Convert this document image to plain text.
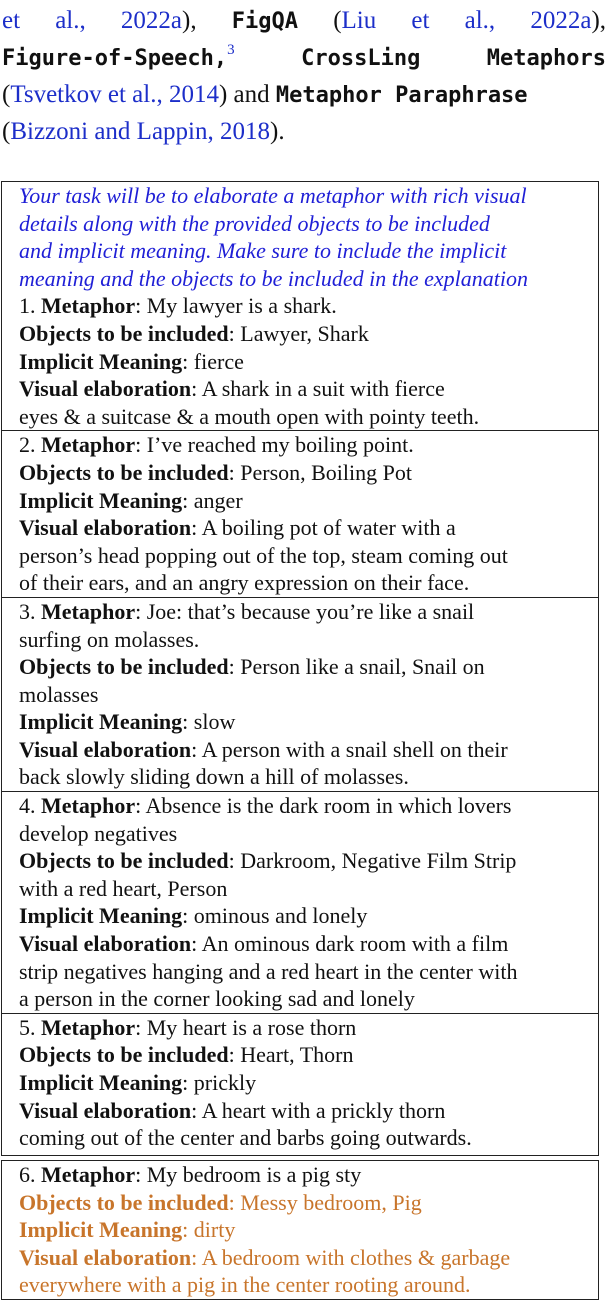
et al., 2022a), FigQA (Liu et al., 2022a),
Figure-of-Speech,$^3$	CrossLing	Metaphors
(Tsvetkov et al., 2014) and Metaphor Paraphrase
(Bizzoni and Lappin, 2018).
Your task will be to elaborate a metaphor with rich visual
details along with the provided objects to be included
and implicit meaning. Make sure to include the implicit
meaning and the objects to be included in the explanation
1. Metaphor: My lawyer is a shark.
Objects to be included: Lawyer, Shark
Implicit Meaning: fierce
Visual elaboration: A shark in a suit with fierce
eyes & a suitcase & a mouth open with pointy teeth.
2. Metaphor: I’ve reached my boiling point.
Objects to be included: Person, Boiling Pot
Implicit Meaning: anger
Visual elaboration: A boiling pot of water with a
person’s head popping out of the top, steam coming out
of their ears, and an angry expression on their face.
3. Metaphor: Joe: that’s because you’re like a snail
surfing on molasses.
Objects to be included: Person like a snail, Snail on
molasses
Implicit Meaning: slow
Visual elaboration: A person with a snail shell on their
back slowly sliding down a hill of molasses.
4. Metaphor: Absence is the dark room in which lovers
develop negatives
Objects to be included: Darkroom, Negative Film Strip
with a red heart, Person
Implicit Meaning: ominous and lonely
Visual elaboration: An ominous dark room with a film
strip negatives hanging and a red heart in the center with
a person in the corner looking sad and lonely
5. Metaphor: My heart is a rose thorn
Objects to be included: Heart, Thorn
Implicit Meaning: prickly
Visual elaboration: A heart with a prickly thorn
coming out of the center and barbs going outwards.
6. Metaphor: My bedroom is a pig sty
Objects to be included: Messy bedroom, Pig
Implicit Meaning: dirty
Visual elaboration: A bedroom with clothes & garbage
everywhere with a pig in the center rooting around.
